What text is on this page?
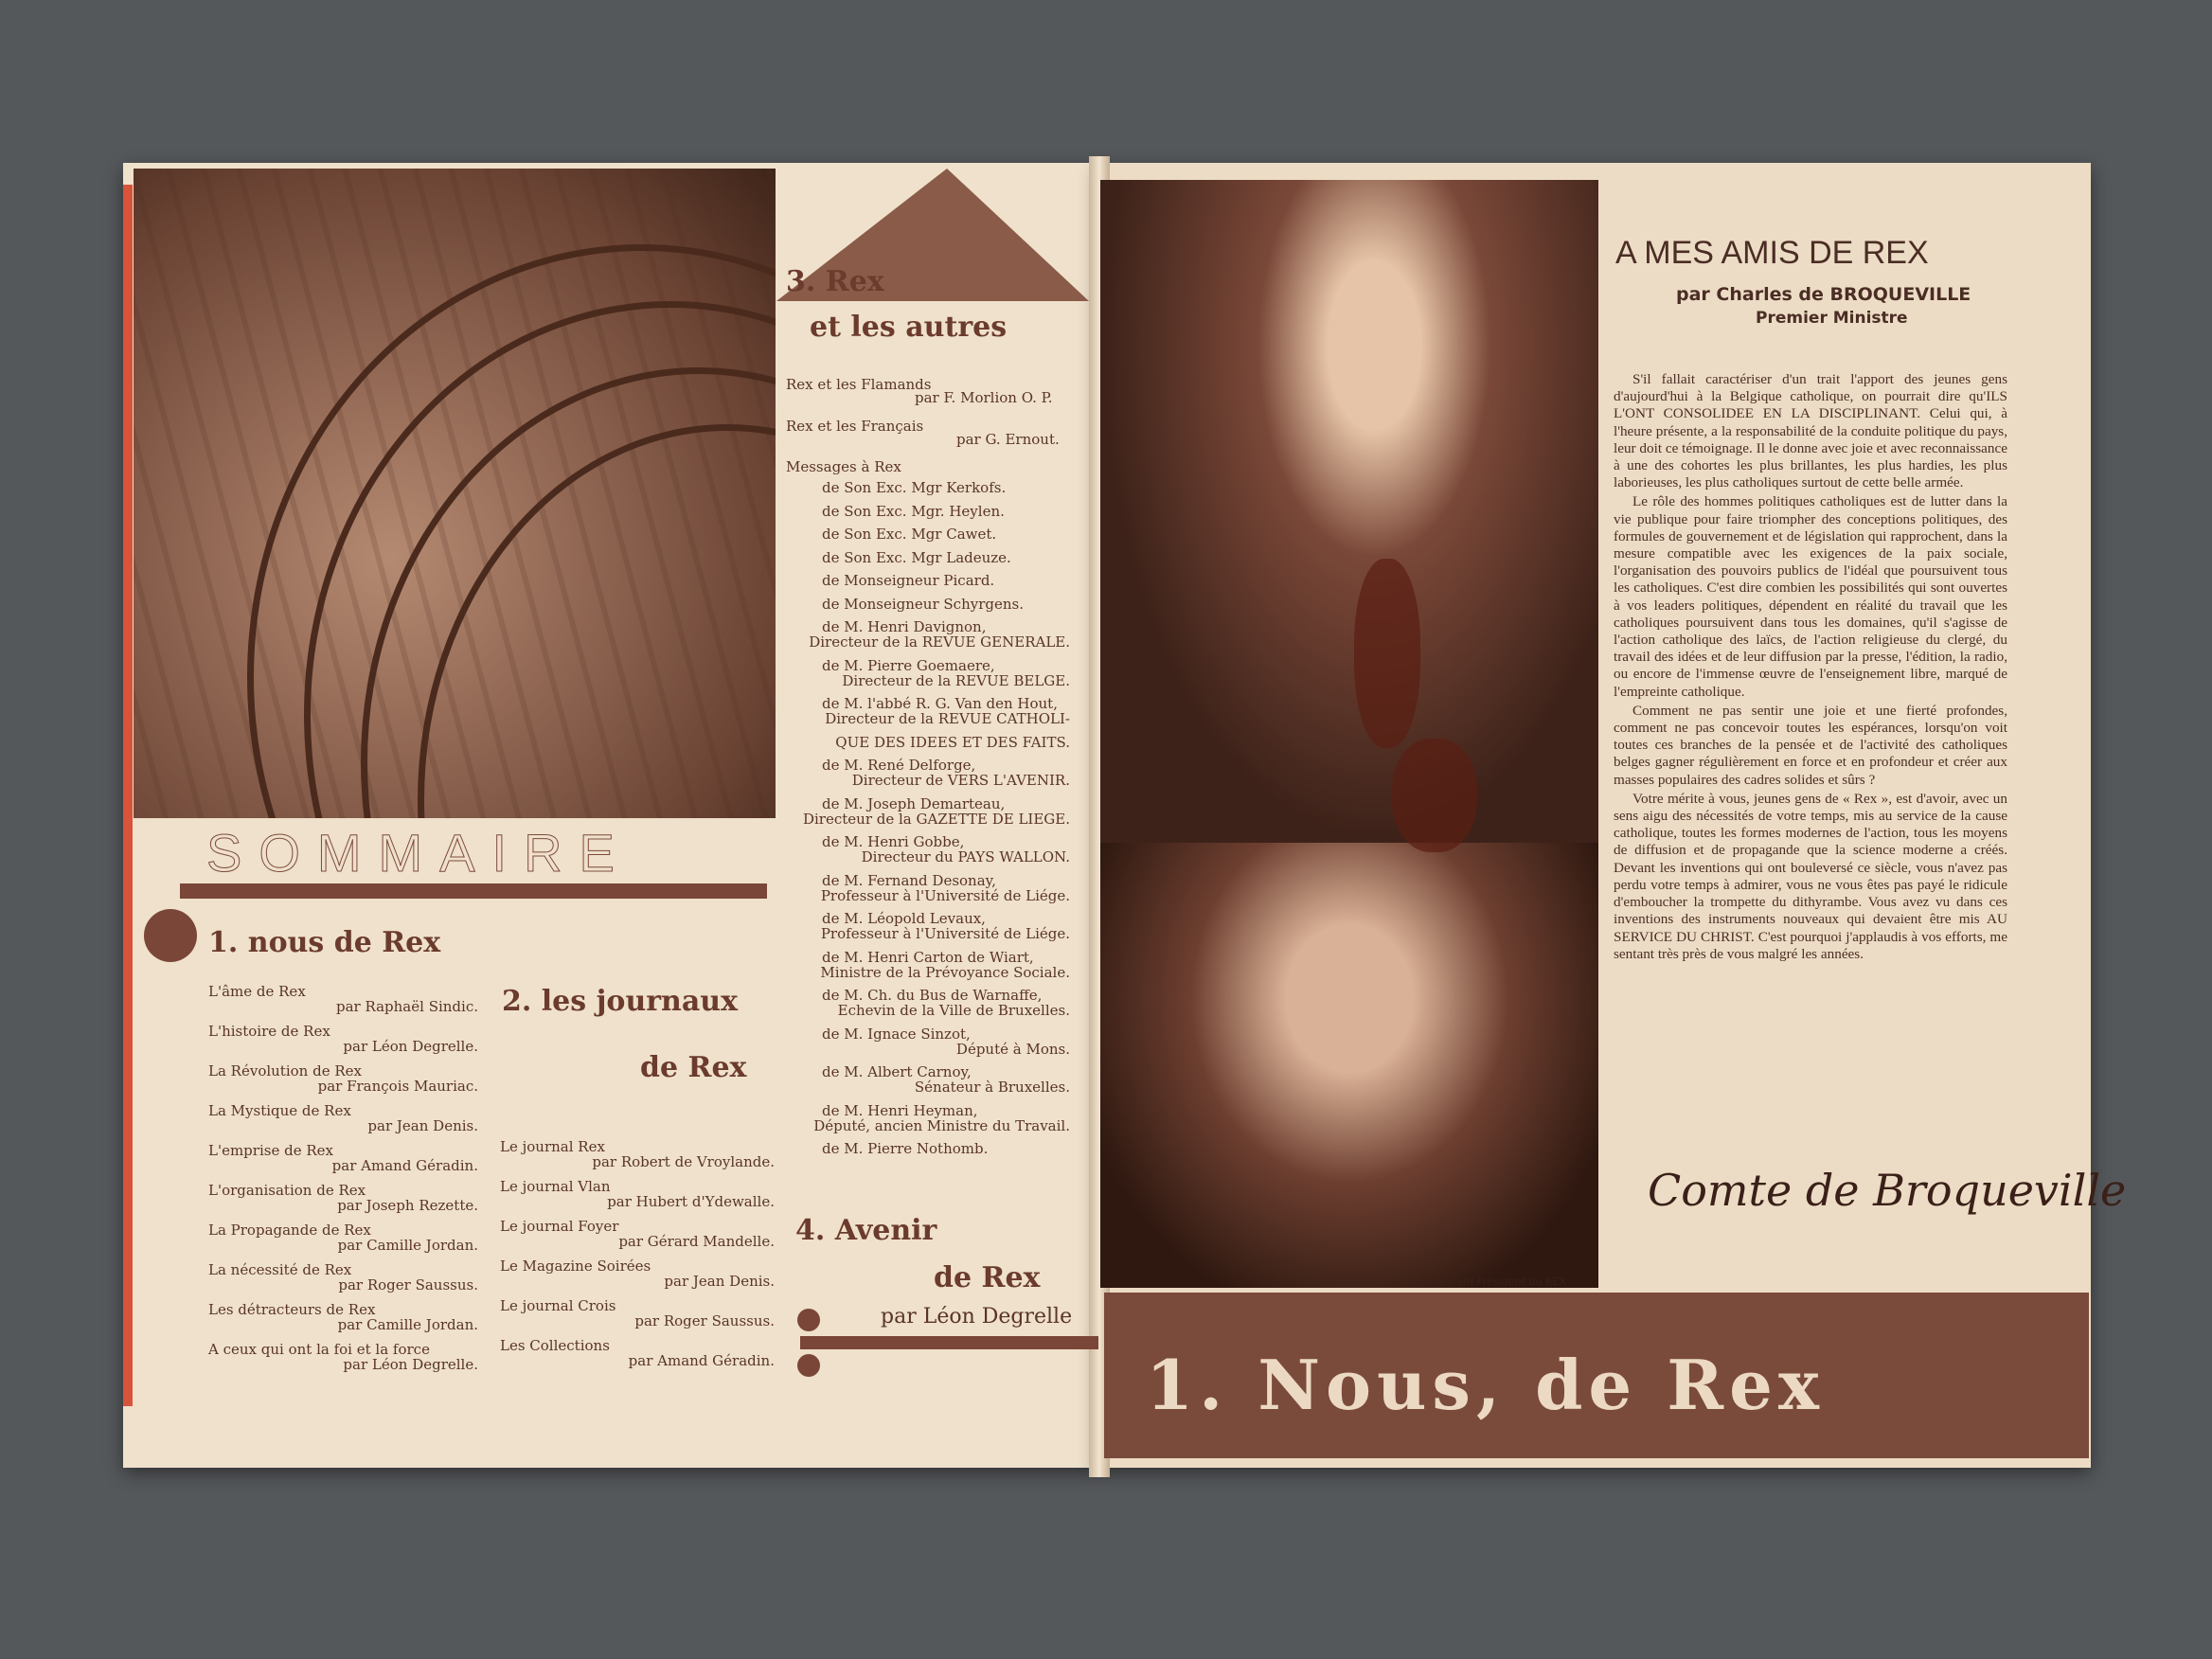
3. Rex
et les autres
Rex et les Flamands
par F. Morlion O. P.
Rex et les Français
par G. Ernout.
Messages à Rex
de Son Exc. Mgr Kerkofs.
de Son Exc. Mgr. Heylen.
de Son Exc. Mgr Cawet.
de Son Exc. Mgr Ladeuze.
de Monseigneur Picard.
de Monseigneur Schyrgens.
de M. Henri Davignon,
Directeur de la REVUE GENERALE.
de M. Pierre Goemaere,
Directeur de la REVUE BELGE.
de M. l'abbé R. G. Van den Hout,
Directeur de la REVUE CATHOLI-
QUE DES IDEES ET DES FAITS.
de M. René Delforge,
Directeur de VERS L'AVENIR.
de M. Joseph Demarteau,
Directeur de la GAZETTE DE LIEGE.
de M. Henri Gobbe,
Directeur du PAYS WALLON.
de M. Fernand Desonay,
Professeur à l'Université de Liége.
de M. Léopold Levaux,
Professeur à l'Université de Liége.
de M. Henri Carton de Wiart,
Ministre de la Prévoyance Sociale.
de M. Ch. du Bus de Warnaffe,
Echevin de la Ville de Bruxelles.
de M. Ignace Sinzot,
Député à Mons.
de M. Albert Carnoy,
Sénateur à Bruxelles.
de M. Henri Heyman,
Député, ancien Ministre du Travail.
de M. Pierre Nothomb.
SOMMAIRE
1. nous de Rex
L'âme de Rex
par Raphaël Sindic.
L'histoire de Rex
par Léon Degrelle.
La Révolution de Rex
par François Mauriac.
La Mystique de Rex
par Jean Denis.
L'emprise de Rex
par Amand Géradin.
L'organisation de Rex
par Joseph Rezette.
La Propagande de Rex
par Camille Jordan.
La nécessité de Rex
par Roger Saussus.
Les détracteurs de Rex
par Camille Jordan.
A ceux qui ont la foi et la force
par Léon Degrelle.
2. les journaux
de Rex
Le journal Rex
par Robert de Vroylande.
Le journal Vlan
par Hubert d'Ydewalle.
Le journal Foyer
par Gérard Mandelle.
Le Magazine Soirées
par Jean Denis.
Le journal Crois
par Roger Saussus.
Les Collections
par Amand Géradin.
4. Avenir
de Rex
par Léon Degrelle
Mgr Picard Président du REX
A MES AMIS DE REX
par Charles de BROQUEVILLE
Premier Ministre

S'il fallait caractériser d'un trait l'apport des jeunes gens d'aujourd'hui à la Belgique catholique, on pourrait dire qu'ILS L'ONT CONSOLIDEE EN LA DISCIPLINANT. Celui qui, à l'heure présente, a la responsabilité de la conduite politique du pays, leur doit ce témoignage. Il le donne avec joie et avec reconnaissance à une des cohortes les plus brillantes, les plus hardies, les plus laborieuses, les plus catholiques surtout de cette belle armée.

Le rôle des hommes politiques catholiques est de lutter dans la vie publique pour faire triompher des conceptions politiques, des formules de gouvernement et de législation qui rapprochent, dans la mesure compatible avec les exigences de la paix sociale, l'organisation des pouvoirs publics de l'idéal que poursuivent tous les catholiques. C'est dire combien les possibilités qui sont ouvertes à vos leaders politiques, dépendent en réalité du travail que les catholiques poursuivent dans tous les domaines, qu'il s'agisse de l'action catholique des laïcs, de l'action religieuse du clergé, du travail des idées et de leur diffusion par la presse, l'édition, la radio, ou encore de l'immense œuvre de l'enseignement libre, marqué de l'empreinte catholique.

Comment ne pas sentir une joie et une fierté profondes, comment ne pas concevoir toutes les espérances, lorsqu'on voit toutes ces branches de la pensée et de l'activité des catholiques belges gagner régulièrement en force et en profondeur et créer aux masses populaires des cadres solides et sûrs ?

Votre mérite à vous, jeunes gens de « Rex », est d'avoir, avec un sens aigu des nécessités de votre temps, mis au service de la cause catholique, toutes les formes modernes de l'action, tous les moyens de diffusion et de propagande que la science moderne a créés. Devant les inventions qui ont bouleversé ce siècle, vous n'avez pas perdu votre temps à admirer, vous ne vous êtes pas payé le ridicule d'emboucher la trompette du dithyrambe. Vous avez vu dans ces inventions des instruments nouveaux qui devaient être mis AU SERVICE DU CHRIST. C'est pourquoi j'applaudis à vos efforts, me sentant très près de vous malgré les années.

Comte de Broqueville
1. Nous, de Rex
